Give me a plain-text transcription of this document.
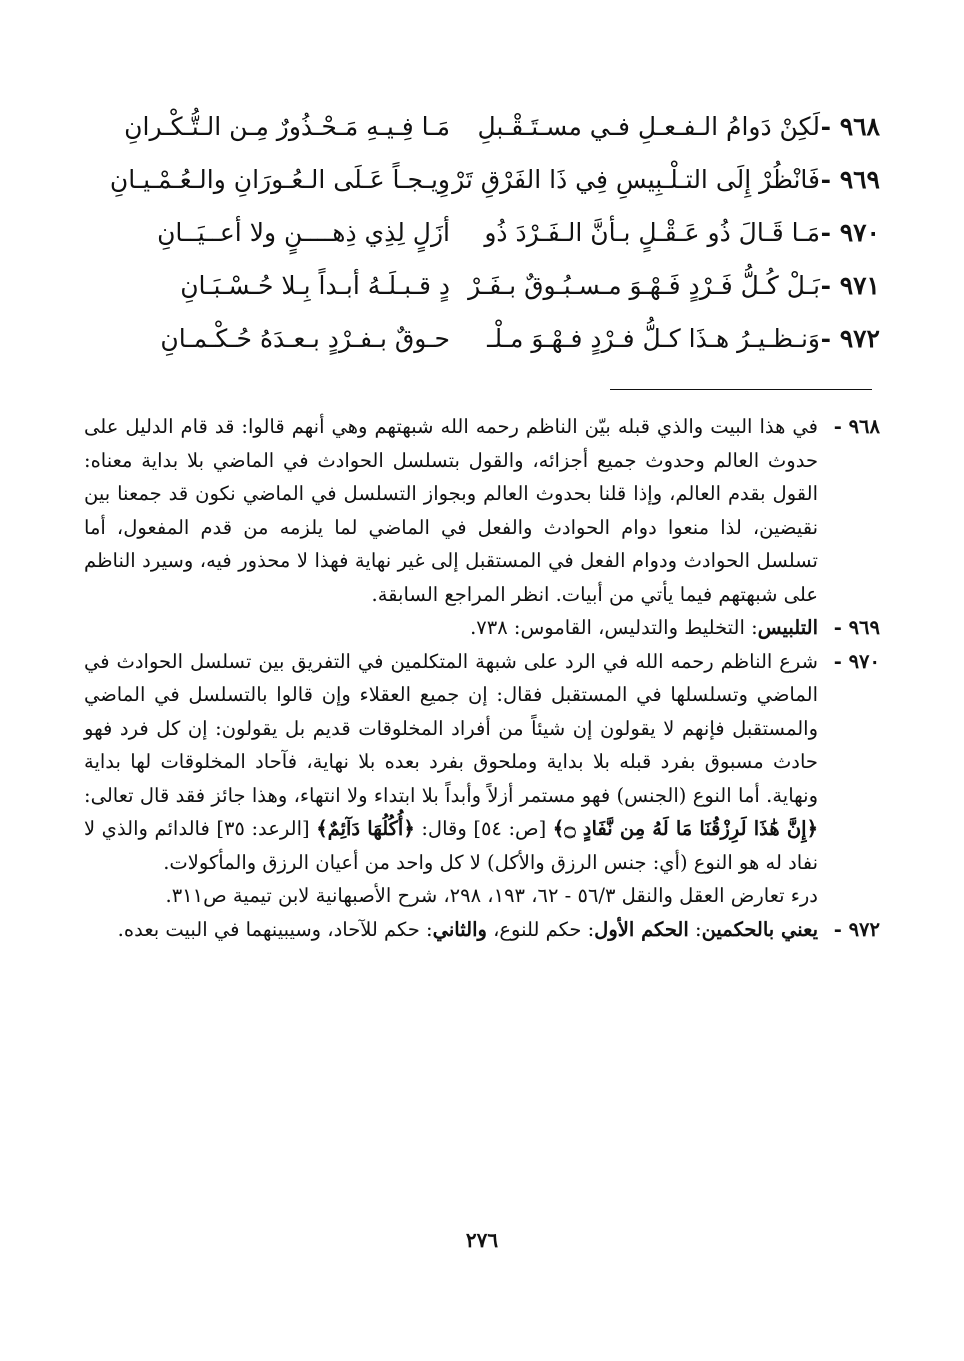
٩٦٨ -
لَكِنْ دَوامُ الـفـعـلِ فـي مسـتَـقْـبلِ
مَـا فِـيـهِ مَـحْـذُورٌ مِـن الـتُّـكْـرانِ
٩٦٩ -
فَانْظُرْ إِلَى التـلْـبِيسِ فِي ذَا الفَرْقِ تَرْ
وِيـجـاً عَـلَى الـعُـورَانِ والـعُـمْـيـانِ
٩٧٠ -
مَـا قَـالَ ذُو عَـقْـلٍ بـأنَّ الـفَـرْدَ ذُو
أزَلٍ لِذِي ذِهــــنٍ ولا أعــيَــانِ
٩٧١ -
بَـلْ كُـلُّ فَـرْدٍ فَـهْـوَ مـسـبُـوقٌ بـفَـرْ
دٍ قـبـلَـهُ أبـداً بِـلا حُـسْـبَـانِ
٩٧٢ -
وَنـظـيـرُ هـذَا كـلُّ فـرْدٍ فـهْـوَ مـلْـ
حـوقٌ بـفـرْدٍ بـعـدَهُ حُـكْـمـانِ
٩٦٨ -

في هذا البيت والذي قبله بيّن الناظم رحمه الله شبهتهم وهي أنهم قالوا: قد قام الدليل على حدوث العالم وحدوث جميع أجزائه، والقول بتسلسل الحوادث في الماضي بلا بداية معناه: القول بقدم العالم، وإذا قلنا بحدوث العالم وبجواز التسلسل في الماضي نكون قد جمعنا بين نقيضين، لذا منعوا دوام الحوادث والفعل في الماضي لما يلزمه من قدم المفعول، أما تسلسل الحوادث ودوام الفعل في المستقبل إلى غير نهاية فهذا لا محذور فيه، وسيرد الناظم على شبهتهم فيما يأتي من أبيات. انظر المراجع السابقة.

٩٦٩ -

التلبيس: التخليط والتدليس، القاموس: ٧٣٨.

٩٧٠ -

شرع الناظم رحمه الله في الرد على شبهة المتكلمين في التفريق بين تسلسل الحوادث في الماضي وتسلسلها في المستقبل فقال: إن جميع العقلاء وإن قالوا بالتسلسل في الماضي والمستقبل فإنهم لا يقولون إن شيئاً من أفراد المخلوقات قديم بل يقولون: إن كل فرد فهو حادث مسبوق بفرد قبله بلا بداية وملحوق بفرد بعده بلا نهاية، فآحاد المخلوقات لها بداية ونهاية. أما النوع (الجنس) فهو مستمر أزلاً وأبداً بلا ابتداء ولا انتهاء، وهذا جائز فقد قال تعالى: ﴿إِنَّ هَٰذَا لَرِزْقُنَا مَا لَهُ مِن نَّفَادٍ ۝﴾ [ص: ٥٤] وقال: ﴿أُكُلُهَا دَآئِمٌ﴾ [الرعد: ٣٥] فالدائم والذي لا نفاد له هو النوع (أي: جنس الرزق والأكل) لا كل واحد من أعيان الرزق والمأكولات.

درء تعارض العقل والنقل ٥٦/٣ - ٦٢، ١٩٣، ٢٩٨، شرح الأصبهانية لابن تيمية ص٣١١.

٩٧٢ -

يعني بالحكمين: الحكم الأول: حكم للنوع، والثاني: حكم للآحاد، وسيبينهما في البيت بعده.

٢٧٦
